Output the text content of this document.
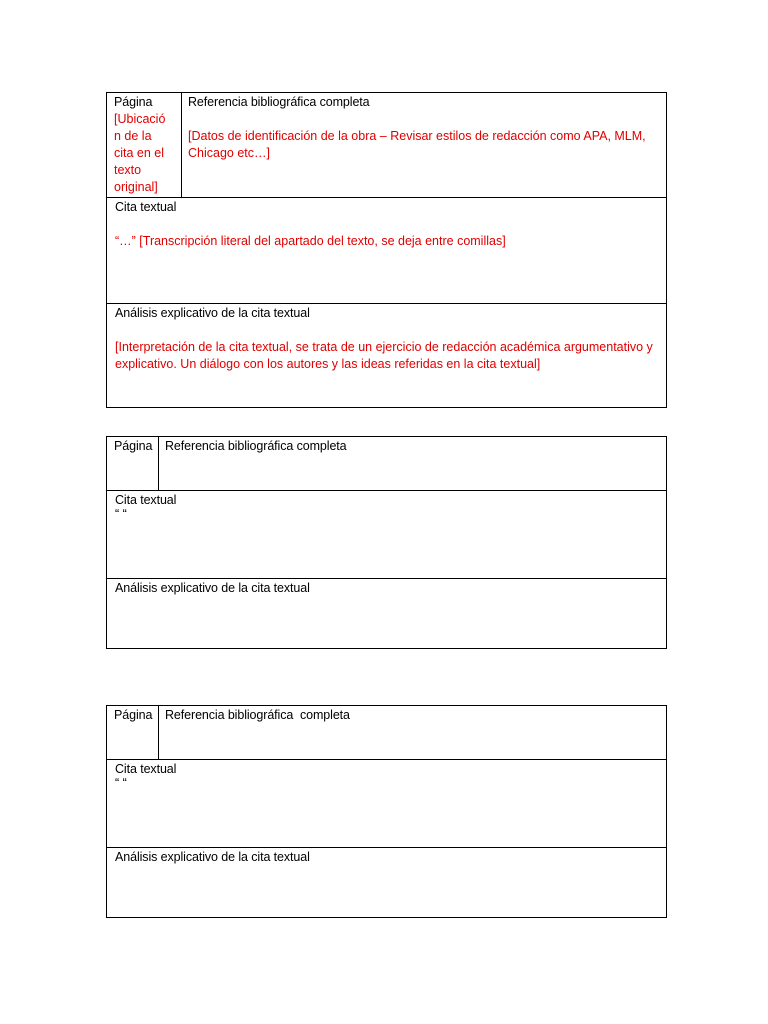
Página
[Ubicació
n de la
cita en el
texto
original]
Referencia bibliográfica completa
[Datos de identificación de la obra – Revisar estilos de redacción como APA, MLM, Chicago etc…]
Cita textual
“…” [Transcripción literal del apartado del texto, se deja entre comillas]
Análisis explicativo de la cita textual
[Interpretación de la cita textual, se trata de un ejercicio de redacción académica argumentativo y explicativo. Un diálogo con los autores y las ideas referidas en la cita textual]
Página Referencia bibliográfica completa
Cita textual
“ “
Análisis explicativo de la cita textual
Página Referencia bibliográfica  completa
Cita textual
“ “
Análisis explicativo de la cita textual
